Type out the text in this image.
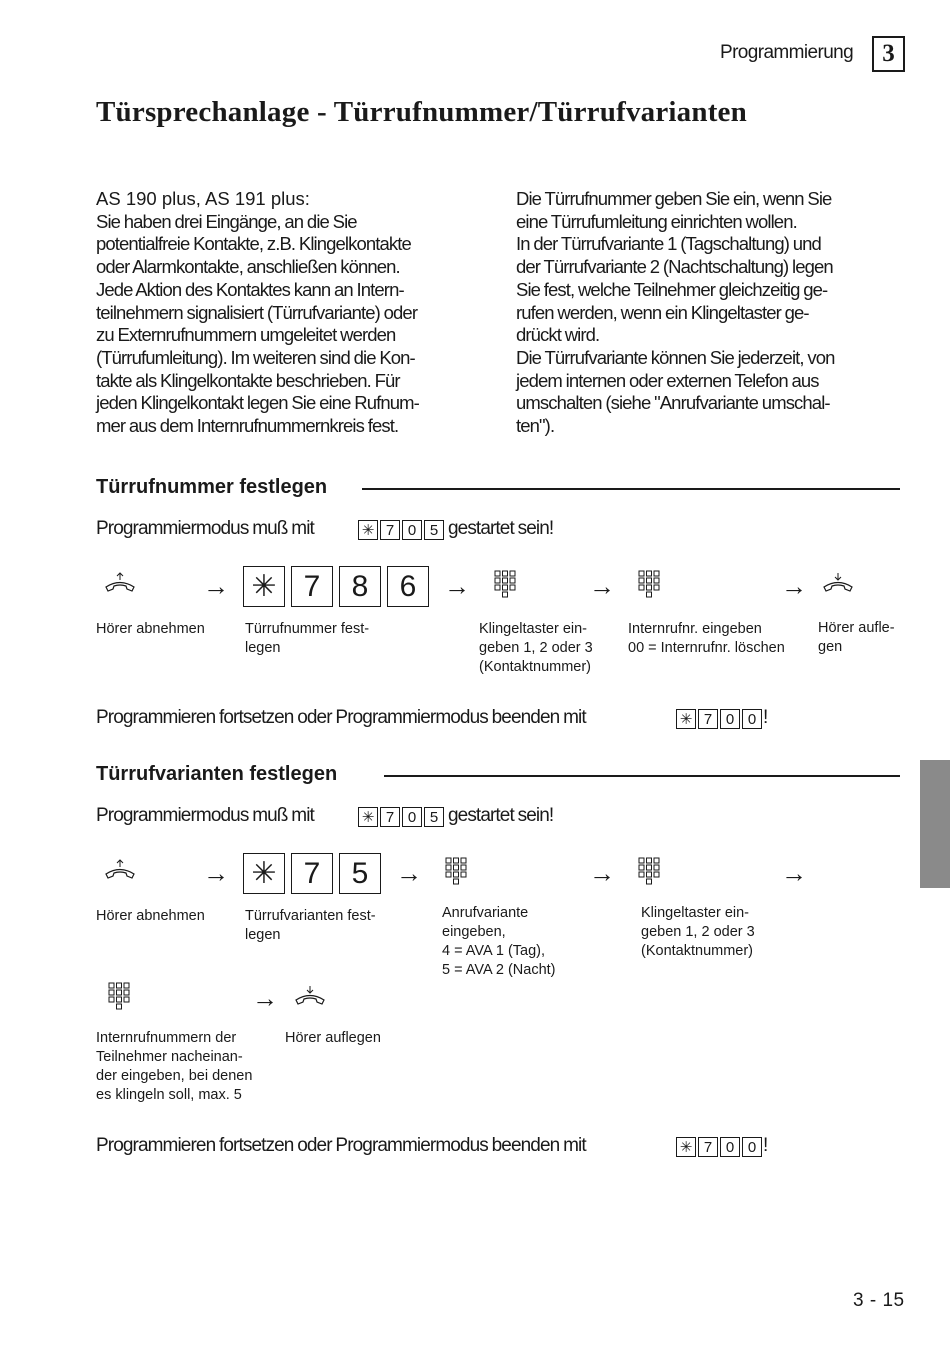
Programmierung	3
Türsprechanlage - Türrufnummer/Türrufvarianten
AS 190 plus, AS 191 plus:
Sie haben drei Eingänge, an die Sie
potentialfreie Kontakte, z.B. Klingelkontakte
oder Alarmkontakte, anschließen können.
Jede Aktion des Kontaktes kann an Intern-
teilnehmern signalisiert (Türrufvariante) oder
zu Externrufnummern umgeleitet werden
(Türrufumleitung). Im weiteren sind die Kon-
takte als Klingelkontakte beschrieben. Für
jeden Klingelkontakt legen Sie eine Rufnum-
mer aus dem Internrufnummernkreis fest.
Die Türrufnummer geben Sie ein, wenn Sie
eine Türrufumleitung einrichten wollen.
In der Türrufvariante 1 (Tagschaltung) und
der Türrufvariante 2 (Nachtschaltung) legen
Sie fest, welche Teilnehmer gleichzeitig ge-
rufen werden, wenn ein Klingeltaster ge-
drückt wird.
Die Türrufvariante können Sie jederzeit, von
jedem internen oder externen Telefon aus
umschalten (siehe "Anrufvariante umschal-
ten").
Türrufnummer festlegen
Programmiermodus muß mit	✳ 7 0 5 gestartet sein!
→ ✳ 7	8	6	→	→	→
Hörer abnehmen	Türrufnummer fest-
legen
Klingeltaster ein-
geben 1, 2 oder 3
(Kontaktnummer)
Internrufnr. eingeben
00 = Internrufnr. löschen
Hörer aufle-
gen
Programmieren fortsetzen oder Programmiermodus beenden mit	✳ 7 0 0 !
Türrufvarianten festlegen
Programmiermodus muß mit	✳ 7 0 5 gestartet sein!
→ ✳ 7	5	→	→	→
Hörer abnehmen	Türrufvarianten fest-
legen
Anrufvariante
eingeben,
4 = AVA 1 (Tag),
5 = AVA 2 (Nacht)
Klingeltaster ein-
geben 1, 2 oder 3
(Kontaktnummer)
→
Internrufnummern der
Teilnehmer nacheinan-
der eingeben, bei denen
es klingeln soll, max. 5
Hörer auflegen
Programmieren fortsetzen oder Programmiermodus beenden mit	✳ 7 0 0 !
3 - 15
